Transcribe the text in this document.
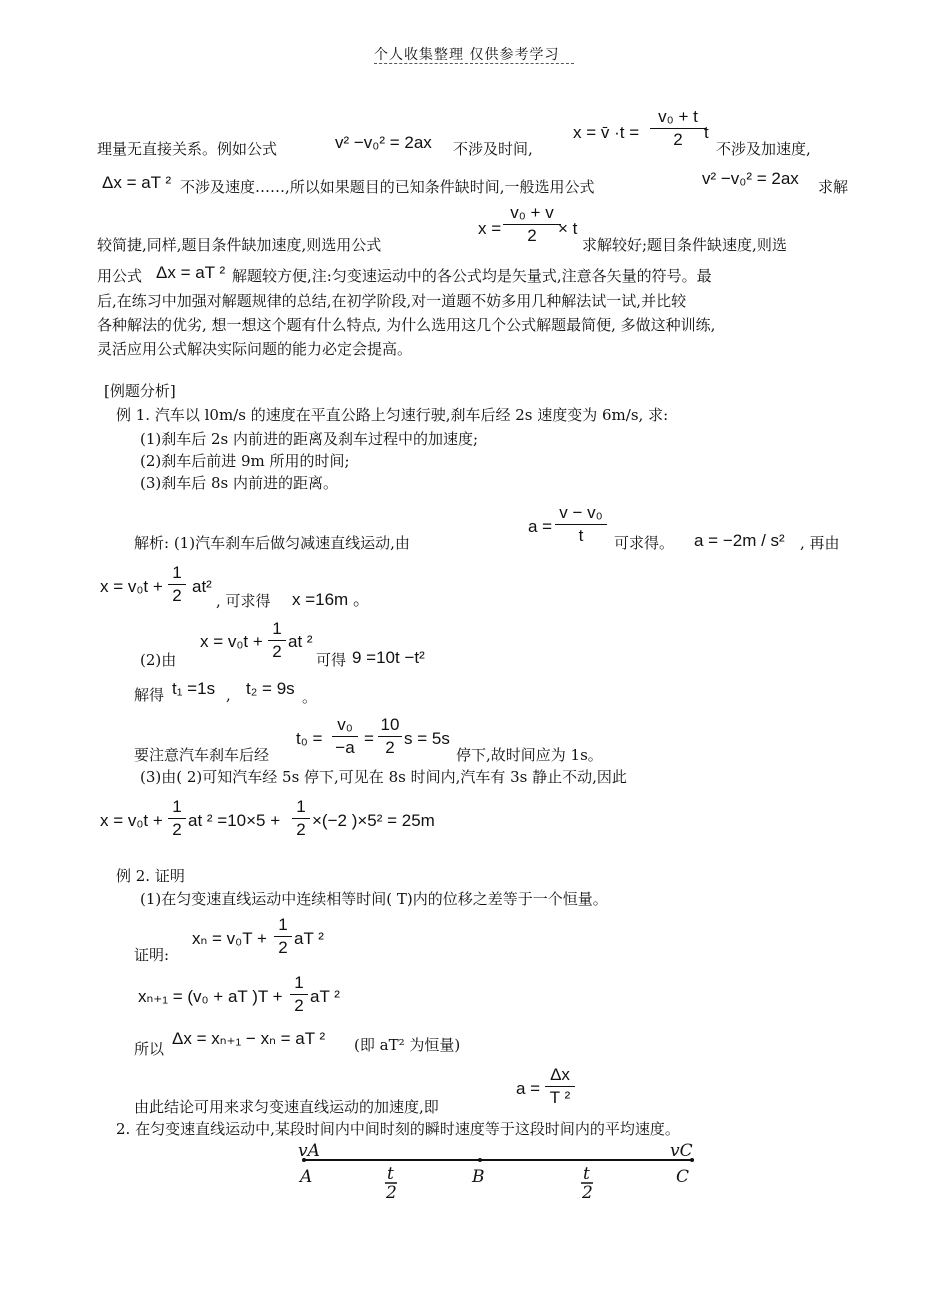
个人收集整理 仅供参考学习
理量无直接关系。例如公式	v² −v₀² = 2ax 不涉及时间,
x = v̄ ·t =
v₀ + t
2	t
不涉及加速度,
Δx = aT ² 不涉及速度……,所以如果题目的已知条件缺时间,一般选用公式	v² −v₀² = 2ax 求解
较简捷,同样,题目条件缺加速度,则选用公式
x =
v₀ + v
2	× t
求解较好;题目条件缺速度,则选
用公式 Δx = aT ² 解题较方便,注:匀变速运动中的各公式均是矢量式,注意各矢量的符号。最
后,在练习中加强对解题规律的总结,在初学阶段,对一道题不妨多用几种解法试一试,并比较
各种解法的优劣, 想一想这个题有什么特点, 为什么选用这几个公式解题最简便, 多做这种训练,
灵活应用公式解决实际问题的能力必定会提高。
[例题分析]
例 1. 汽车以 l0m/s 的速度在平直公路上匀速行驶,刹车后经 2s 速度变为 6m/s, 求:
(1)刹车后 2s 内前进的距离及刹车过程中的加速度;
(2)刹车后前进 9m 所用的时间;
(3)刹车后 8s 内前进的距离。
解析: (1)汽车刹车后做匀减速直线运动,由
a =
v − v₀
t	可求得。 a = −2m / s² , 再由
x = v₀t +
1
2 at²
, 可求得 x =16m 。
(2)由
x = v₀t +
1
2
at ²
可得 9 =10t −t²
解得 t₁ =1s , t₂ = 9s 。
要注意汽车刹车后经
t₀ =
v₀
−a =
10
2 s = 5s
停下,故时间应为 1s。
(3)由( 2)可知汽车经 5s 停下,可见在 8s 时间内,汽车有 3s 静止不动,因此
x = v₀t +
1
2 at ² =10×5 +
1
2 ×(−2 )×5² = 25m
例 2. 证明
(1)在匀变速直线运动中连续相等时间( T)内的位移之差等于一个恒量。
证明:
xₙ = v₀T +
1
2 aT ²
xₙ₊₁ = (v₀ + aT )T +
1
2 aT ²
所以
Δx = xₙ₊₁ − xₙ = aT ² (即 aT² 为恒量)
由此结论可用来求匀变速直线运动的加速度,即
a =
Δx
T ²
2. 在匀变速直线运动中,某段时间内中间时刻的瞬时速度等于这段时间内的平均速度。
vA	vC
A	B	C
t
2
t
2
